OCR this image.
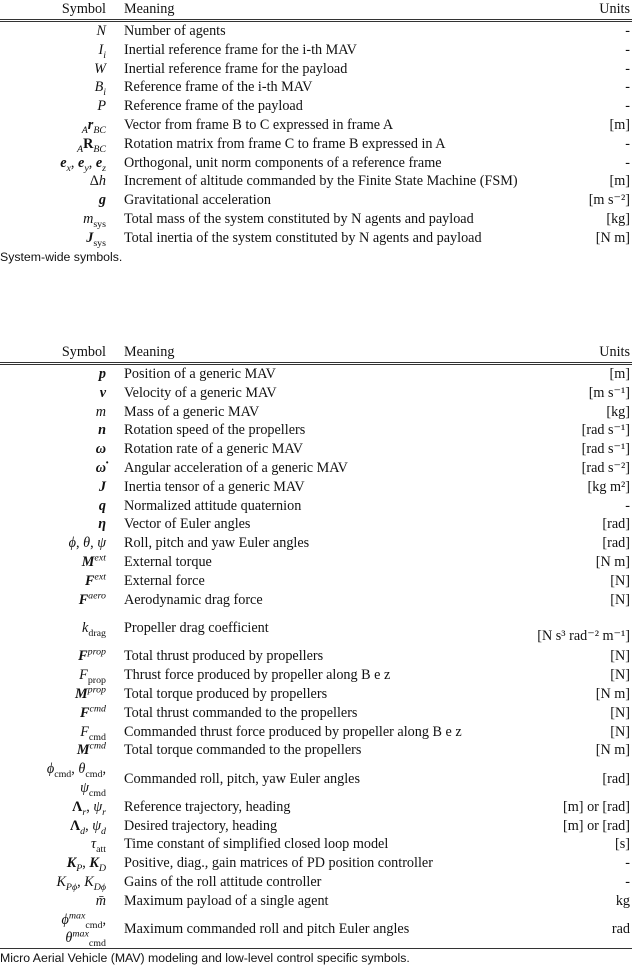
Symbol	Meaning	Units
N	Number of agents	-
$I_i$	Inertial reference frame for the i-th MAV	-
W	Inertial reference frame for the payload	-
$B_i$	Reference frame of the i-th MAV	-
P	Reference frame of the payload	-
$_Ar_{BC}$	Vector from frame B to C expressed in frame A	[m]
$_AR_{BC}$	Rotation matrix from frame C to frame B expressed in A	-
$e_x$, $e_y$, $e_z$	Orthogonal, unit norm components of a reference frame	-
Δh	Increment of altitude commanded by the Finite State Machine (FSM)	[m]
g	Gravitational acceleration	[m s⁻²]
$m_{sys}$	Total mass of the system constituted by N agents and payload	[kg]
$J_{sys}$	Total inertia of the system constituted by N agents and payload	[N m]
System-wide symbols.
Symbol	Meaning	Units
p	Position of a generic MAV	[m]
v	Velocity of a generic MAV	[m s⁻¹]
m	Mass of a generic MAV	[kg]
n	Rotation speed of the propellers	[rad s⁻¹]
ω	Rotation rate of a generic MAV	[rad s⁻¹]
ω̇	Angular acceleration of a generic MAV	[rad s⁻²]
J	Inertia tensor of a generic MAV	[kg m²]
q	Normalized attitude quaternion	-
η	Vector of Euler angles	[rad]
ϕ, θ, ψ	Roll, pitch and yaw Euler angles	[rad]
$M^{ext}$	External torque	[N m]
$F^{ext}$	External force	[N]
$F^{aero}$	Aerodynamic drag force	[N]
$k_{drag}$	Propeller drag coefficient	[N s³ rad⁻² m⁻¹]
$F^{prop}$	Total thrust produced by propellers	[N]
$F_{prop}$	Thrust force produced by propeller along B e z	[N]
$M^{prop}$	Total torque produced by propellers	[N m]
$F^{cmd}$	Total thrust commanded to the propellers	[N]
$F_{cmd}$	Commanded thrust force produced by propeller along B e z	[N]
$M^{cmd}$	Total torque commanded to the propellers	[N m]
$\phi_{cmd}$, $\theta_{cmd}$,
$\psi_{cmd}$	Commanded roll, pitch, yaw Euler angles	[rad]
$\Lambda_r$, $\psi_r$	Reference trajectory, heading	[m] or [rad]
$\Lambda_d$, $\psi_d$	Desired trajectory, heading	[m] or [rad]
$\tau_{att}$	Time constant of simplified closed loop model	[s]
$K_P$, $K_D$	Positive, diag., gain matrices of PD position controller	-
$K_{P\phi}$, $K_{D\phi}$	Gains of the roll attitude controller	-
m̄	Maximum payload of a single agent	kg
$\phi^{max}_{cmd}$,
$\theta^{max}_{cmd}$	Maximum commanded roll and pitch Euler angles	rad
Micro Aerial Vehicle (MAV) modeling and low-level control specific symbols.
